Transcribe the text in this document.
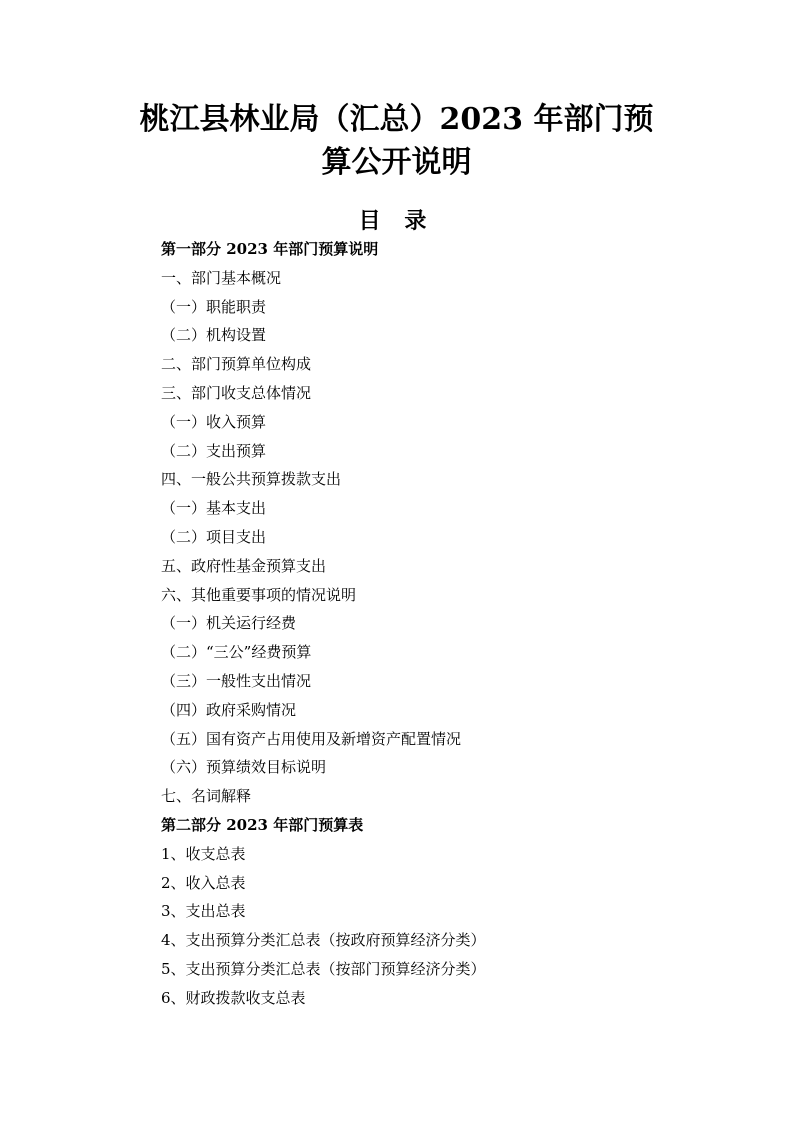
桃江县林业局（汇总）2023 年部门预
算公开说明
目 录
第一部分 2023 年部门预算说明
一、部门基本概况
（一）职能职责
（二）机构设置
二、部门预算单位构成
三、部门收支总体情况
（一）收入预算
（二）支出预算
四、一般公共预算拨款支出
（一）基本支出
（二）项目支出
五、政府性基金预算支出
六、其他重要事项的情况说明
（一）机关运行经费
（二）“三公”经费预算
（三）一般性支出情况
（四）政府采购情况
（五）国有资产占用使用及新增资产配置情况
（六）预算绩效目标说明
七、名词解释
第二部分 2023 年部门预算表
1、收支总表
2、收入总表
3、支出总表
4、支出预算分类汇总表（按政府预算经济分类）
5、支出预算分类汇总表（按部门预算经济分类）
6、财政拨款收支总表
